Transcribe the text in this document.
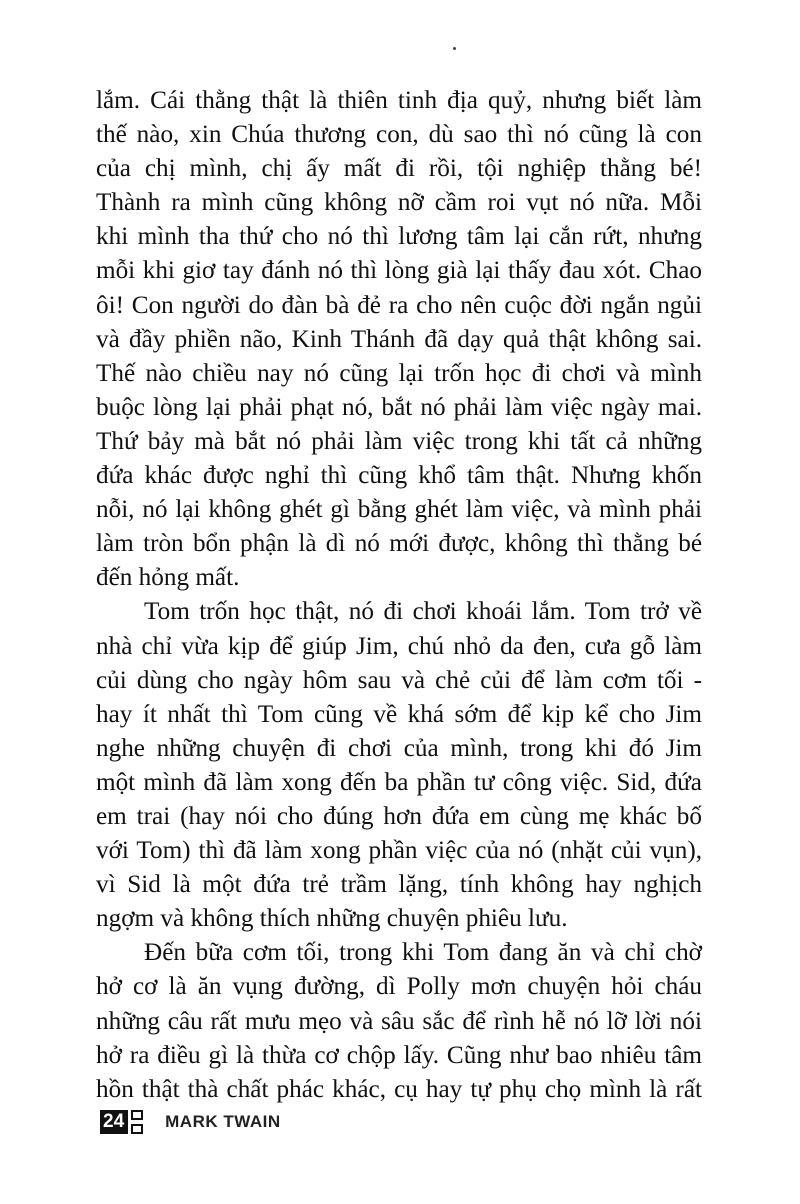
lắm. Cái thằng thật là thiên tinh địa quỷ, nhưng biết làm
thế nào, xin Chúa thương con, dù sao thì nó cũng là con
của chị mình, chị ấy mất đi rồi, tội nghiệp thằng bé!
Thành ra mình cũng không nỡ cầm roi vụt nó nữa. Mỗi
khi mình tha thứ cho nó thì lương tâm lại cắn rứt, nhưng
mỗi khi giơ tay đánh nó thì lòng già lại thấy đau xót. Chao
ôi! Con người do đàn bà đẻ ra cho nên cuộc đời ngắn ngủi
và đầy phiền não, Kinh Thánh đã dạy quả thật không sai.
Thế nào chiều nay nó cũng lại trốn học đi chơi và mình
buộc lòng lại phải phạt nó, bắt nó phải làm việc ngày mai.
Thứ bảy mà bắt nó phải làm việc trong khi tất cả những
đứa khác được nghỉ thì cũng khổ tâm thật. Nhưng khốn
nỗi, nó lại không ghét gì bằng ghét làm việc, và mình phải
làm tròn bổn phận là dì nó mới được, không thì thằng bé
đến hỏng mất.
Tom trốn học thật, nó đi chơi khoái lắm. Tom trở về
nhà chỉ vừa kịp để giúp Jim, chú nhỏ da đen, cưa gỗ làm
củi dùng cho ngày hôm sau và chẻ củi để làm cơm tối -
hay ít nhất thì Tom cũng về khá sớm để kịp kể cho Jim
nghe những chuyện đi chơi của mình, trong khi đó Jim
một mình đã làm xong đến ba phần tư công việc. Sid, đứa
em trai (hay nói cho đúng hơn đứa em cùng mẹ khác bố
với Tom) thì đã làm xong phần việc của nó (nhặt củi vụn),
vì Sid là một đứa trẻ trầm lặng, tính không hay nghịch
ngợm và không thích những chuyện phiêu lưu.
Đến bữa cơm tối, trong khi Tom đang ăn và chỉ chờ
hở cơ là ăn vụng đường, dì Polly mơn chuyện hỏi cháu
những câu rất mưu mẹo và sâu sắc để rình hễ nó lỡ lời nói
hở ra điều gì là thừa cơ chộp lấy. Cũng như bao nhiêu tâm
hồn thật thà chất phác khác, cụ hay tự phụ chọ mình là rất
24 MARK TWAIN
